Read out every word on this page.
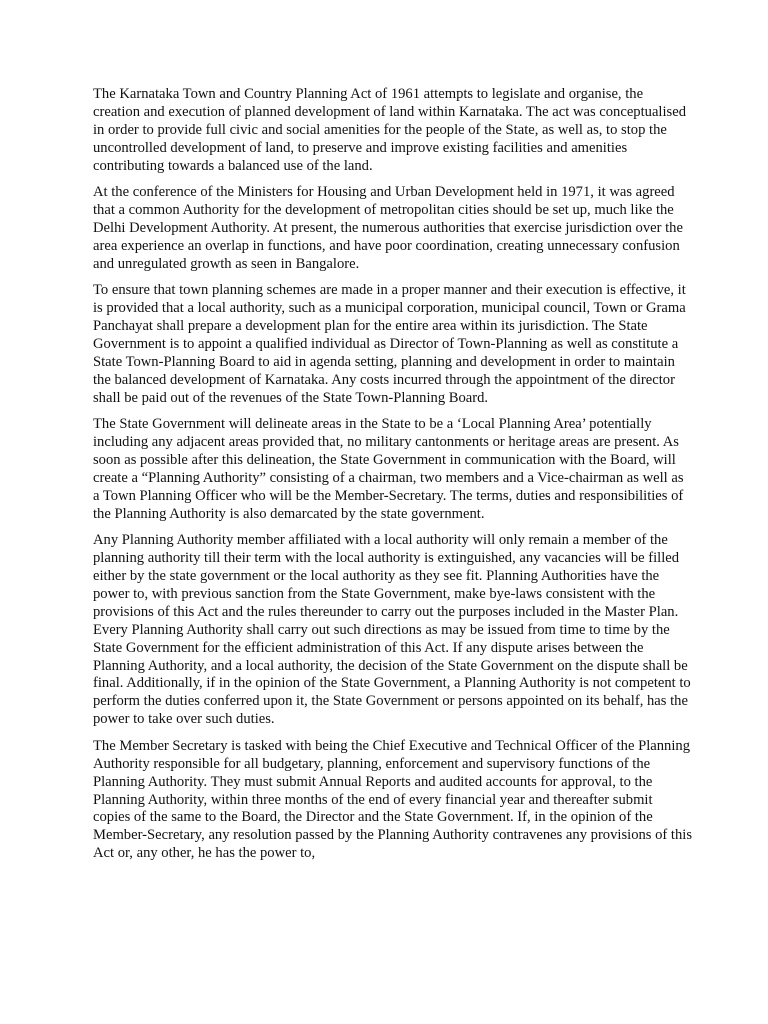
The Karnataka Town and Country Planning Act of 1961 attempts to legislate and organise, the creation and execution of planned development of land within Karnataka. The act was conceptualised in order to provide full civic and social amenities for the people of the State, as well as, to stop the uncontrolled development of land, to preserve and improve existing facilities and amenities contributing towards a balanced use of the land.

At the conference of the Ministers for Housing and Urban Development held in 1971, it was agreed that a common Authority for the development of metropolitan cities should be set up, much like the Delhi Development Authority. At present, the numerous authorities that exercise jurisdiction over the area experience an overlap in functions, and have poor coordination, creating unnecessary confusion and unregulated growth as seen in Bangalore.

To ensure that town planning schemes are made in a proper manner and their execution is effective, it is provided that a local authority, such as a municipal corporation, municipal council, Town or Grama Panchayat shall prepare a development plan for the entire area within its jurisdiction. The State Government is to appoint a qualified individual as Director of Town-Planning as well as constitute a State Town-Planning Board to aid in agenda setting, planning and development in order to maintain the balanced development of Karnataka. Any costs incurred through the appointment of the director shall be paid out of the revenues of the State Town-Planning Board.

The State Government will delineate areas in the State to be a ‘Local Planning Area’ potentially including any adjacent areas provided that, no military cantonments or heritage areas are present. As soon as possible after this delineation, the State Government in communication with the Board, will create a “Planning Authority” consisting of a chairman, two members and a Vice-chairman as well as a Town Planning Officer who will be the Member-Secretary. The terms, duties and responsibilities of the Planning Authority is also demarcated by the state government.

Any Planning Authority member affiliated with a local authority will only remain a member of the planning authority till their term with the local authority is extinguished, any vacancies will be filled either by the state government or the local authority as they see fit. Planning Authorities have the power to, with previous sanction from the State Government, make bye-laws consistent with the provisions of this Act and the rules thereunder to carry out the purposes included in the Master Plan. Every Planning Authority shall carry out such directions as may be issued from time to time by the State Government for the efficient administration of this Act. If any dispute arises between the Planning Authority, and a local authority, the decision of the State Government on the dispute shall be final. Additionally, if in the opinion of the State Government, a Planning Authority is not competent to perform the duties conferred upon it, the State Government or persons appointed on its behalf, has the power to take over such duties.

The Member Secretary is tasked with being the Chief Executive and Technical Officer of the Planning Authority responsible for all budgetary, planning, enforcement and supervisory functions of the Planning Authority. They must submit Annual Reports and audited accounts for approval, to the Planning Authority, within three months of the end of every financial year and thereafter submit copies of the same to the Board, the Director and the State Government. If, in the opinion of the Member-Secretary, any resolution passed by the Planning Authority contravenes any provisions of this Act or, any other, he has the power to,
